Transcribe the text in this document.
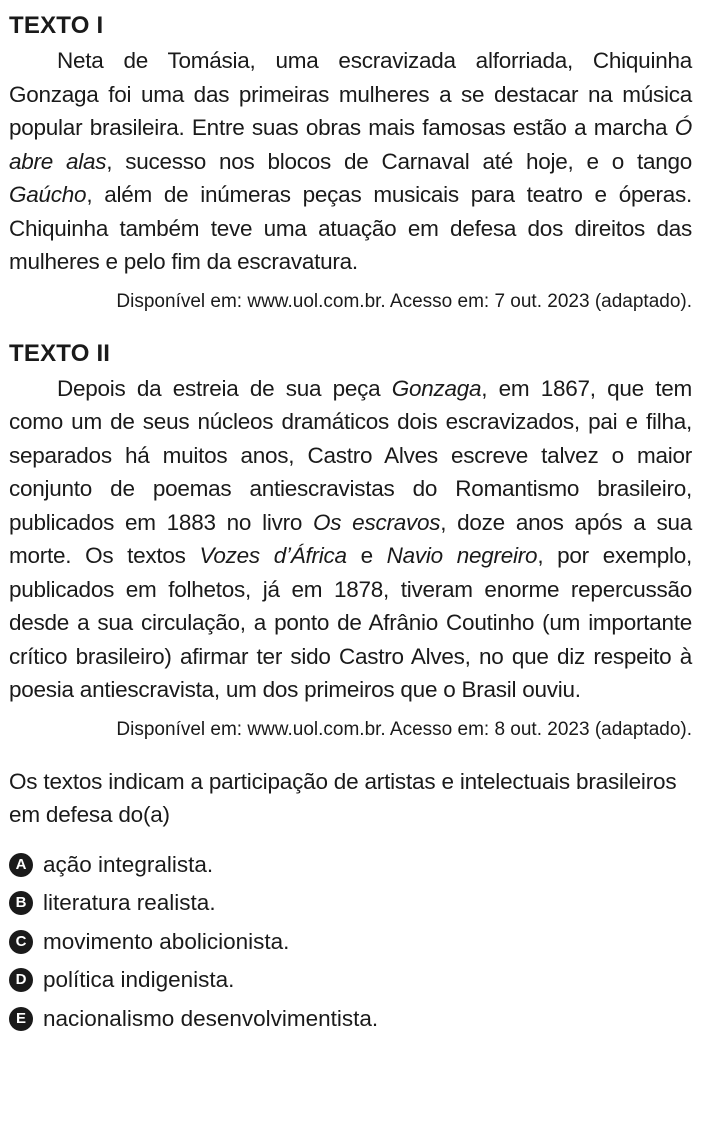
TEXTO I

Neta de Tomásia, uma escravizada alforriada, Chiquinha Gonzaga foi uma das primeiras mulheres a se destacar na música popular brasileira. Entre suas obras mais famosas estão a marcha Ó abre alas, sucesso nos blocos de Carnaval até hoje, e o tango Gaúcho, além de inúmeras peças musicais para teatro e óperas. Chiquinha também teve uma atuação em defesa dos direitos das mulheres e pelo fim da escravatura.

Disponível em: www.uol.com.br. Acesso em: 7 out. 2023 (adaptado).

TEXTO II

Depois da estreia de sua peça Gonzaga, em 1867, que tem como um de seus núcleos dramáticos dois escravizados, pai e filha, separados há muitos anos, Castro Alves escreve talvez o maior conjunto de poemas antiescravistas do Romantismo brasileiro, publicados em 1883 no livro Os escravos, doze anos após a sua morte. Os textos Vozes d’África e Navio negreiro, por exemplo, publicados em folhetos, já em 1878, tiveram enorme repercussão desde a sua circulação, a ponto de Afrânio Coutinho (um importante crítico brasileiro) afirmar ter sido Castro Alves, no que diz respeito à poesia antiescravista, um dos primeiros que o Brasil ouviu.

Disponível em: www.uol.com.br. Acesso em: 8 out. 2023 (adaptado).

Os textos indicam a participação de artistas e intelectuais brasileiros em defesa do(a)

A ação integralista.
B literatura realista.
C movimento abolicionista.
D política indigenista.
E nacionalismo desenvolvimentista.
